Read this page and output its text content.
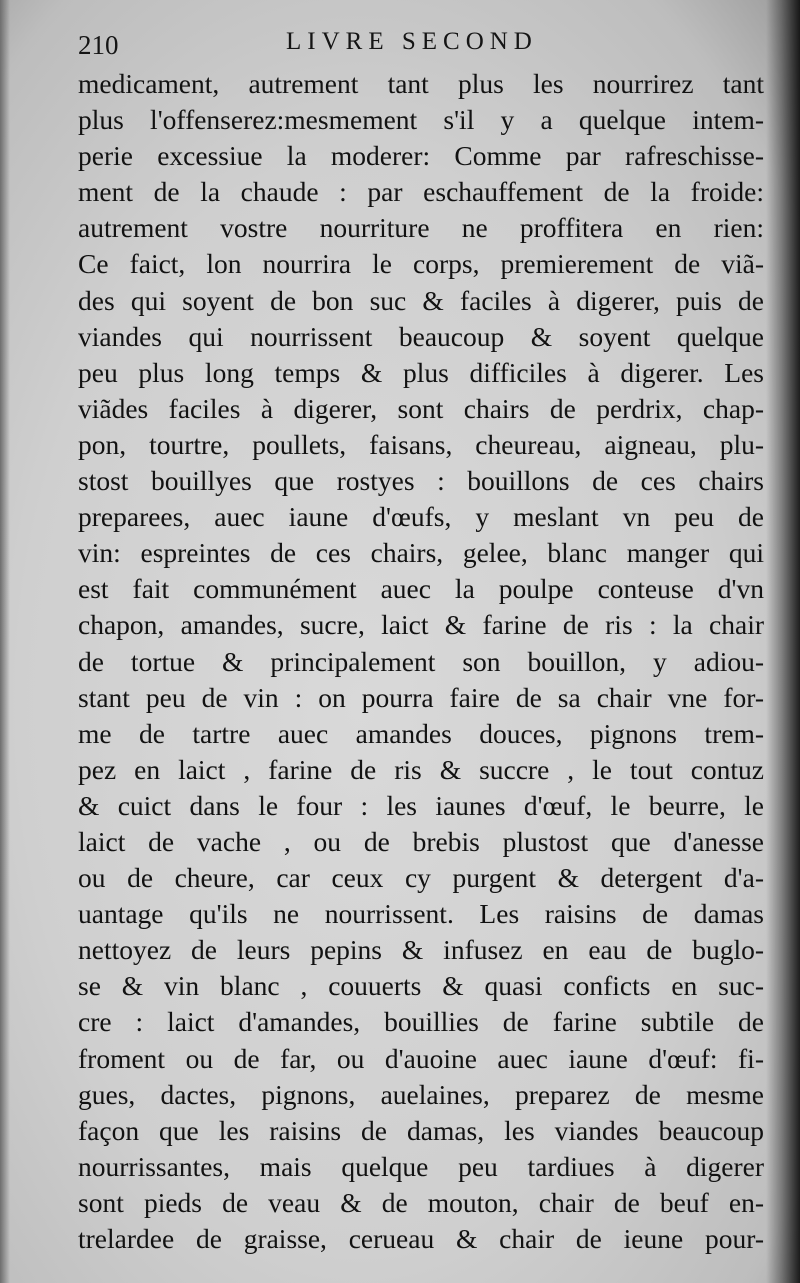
210	LIVRE SECOND
medicament, autrement tant plus les nourrirez tant
plus l'offenserez:mesmement s'il y a quelque intem-
perie excessiue la moderer: Comme par rafreschisse-
ment de la chaude : par eschauffement de la froide:
autrement vostre nourriture ne proffitera en rien:
Ce faict, lon nourrira le corps, premierement de viã-
des qui soyent de bon suc & faciles à digerer, puis de
viandes qui nourrissent beaucoup & soyent quelque
peu plus long temps & plus difficiles à digerer. Les
viãdes faciles à digerer, sont chairs de perdrix, chap-
pon, tourtre, poullets, faisans, cheureau, aigneau, plu-
stost bouillyes que rostyes : bouillons de ces chairs
preparees, auec iaune d'œufs, y meslant vn peu de
vin: espreintes de ces chairs, gelee, blanc manger qui
est fait communément auec la poulpe conteuse d'vn
chapon, amandes, sucre, laict & farine de ris : la chair
de tortue & principalement son bouillon, y adiou-
stant peu de vin : on pourra faire de sa chair vne for-
me de tartre auec amandes douces, pignons trem-
pez en laict , farine de ris & succre , le tout contuz
& cuict dans le four : les iaunes d'œuf, le beurre, le
laict de vache , ou de brebis plustost que d'anesse
ou de cheure, car ceux cy purgent & detergent d'a-
uantage qu'ils ne nourrissent. Les raisins de damas
nettoyez de leurs pepins & infusez en eau de buglo-
se & vin blanc , couuerts & quasi conficts en suc-
cre : laict d'amandes, bouillies de farine subtile de
froment ou de far, ou d'auoine auec iaune d'œuf: fi-
gues, dactes, pignons, auelaines, preparez de mesme
façon que les raisins de damas, les viandes beaucoup
nourrissantes, mais quelque peu tardiues à digerer
sont pieds de veau & de mouton, chair de beuf en-
trelardee de graisse, cerueau & chair de ieune pour-
